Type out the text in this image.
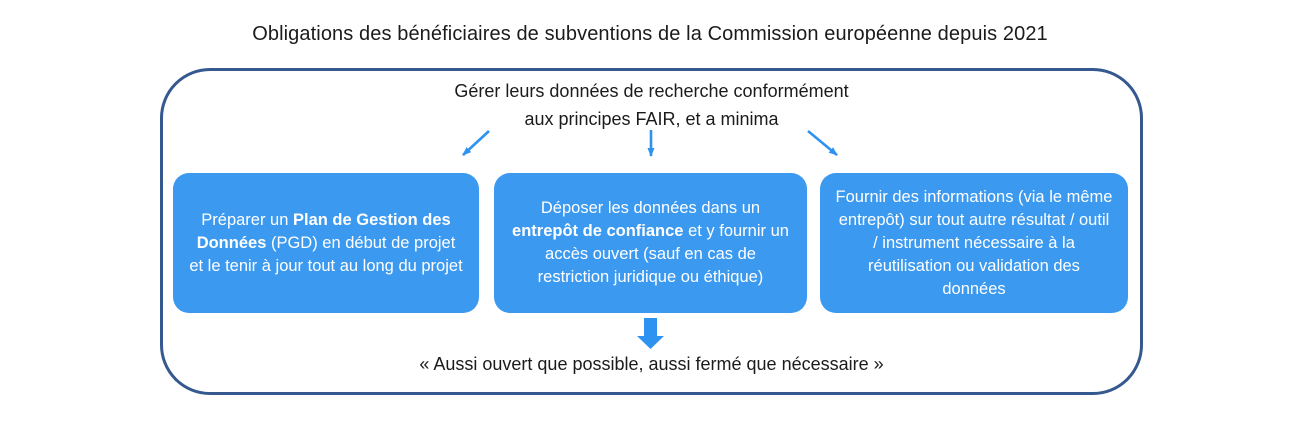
Obligations des bénéficiaires de subventions de la Commission européenne depuis 2021
Gérer leurs données de recherche conformément
aux principes FAIR, et a minima
Préparer un Plan de Gestion des Données (PGD) en début de projet et le tenir à jour tout au long du projet
Déposer les données dans un entrepôt de confiance et y fournir un accès ouvert (sauf en cas de restriction juridique ou éthique)
Fournir des informations (via le même entrepôt) sur tout autre résultat / outil / instrument nécessaire à la réutilisation ou validation des données
« Aussi ouvert que possible, aussi fermé que nécessaire »
